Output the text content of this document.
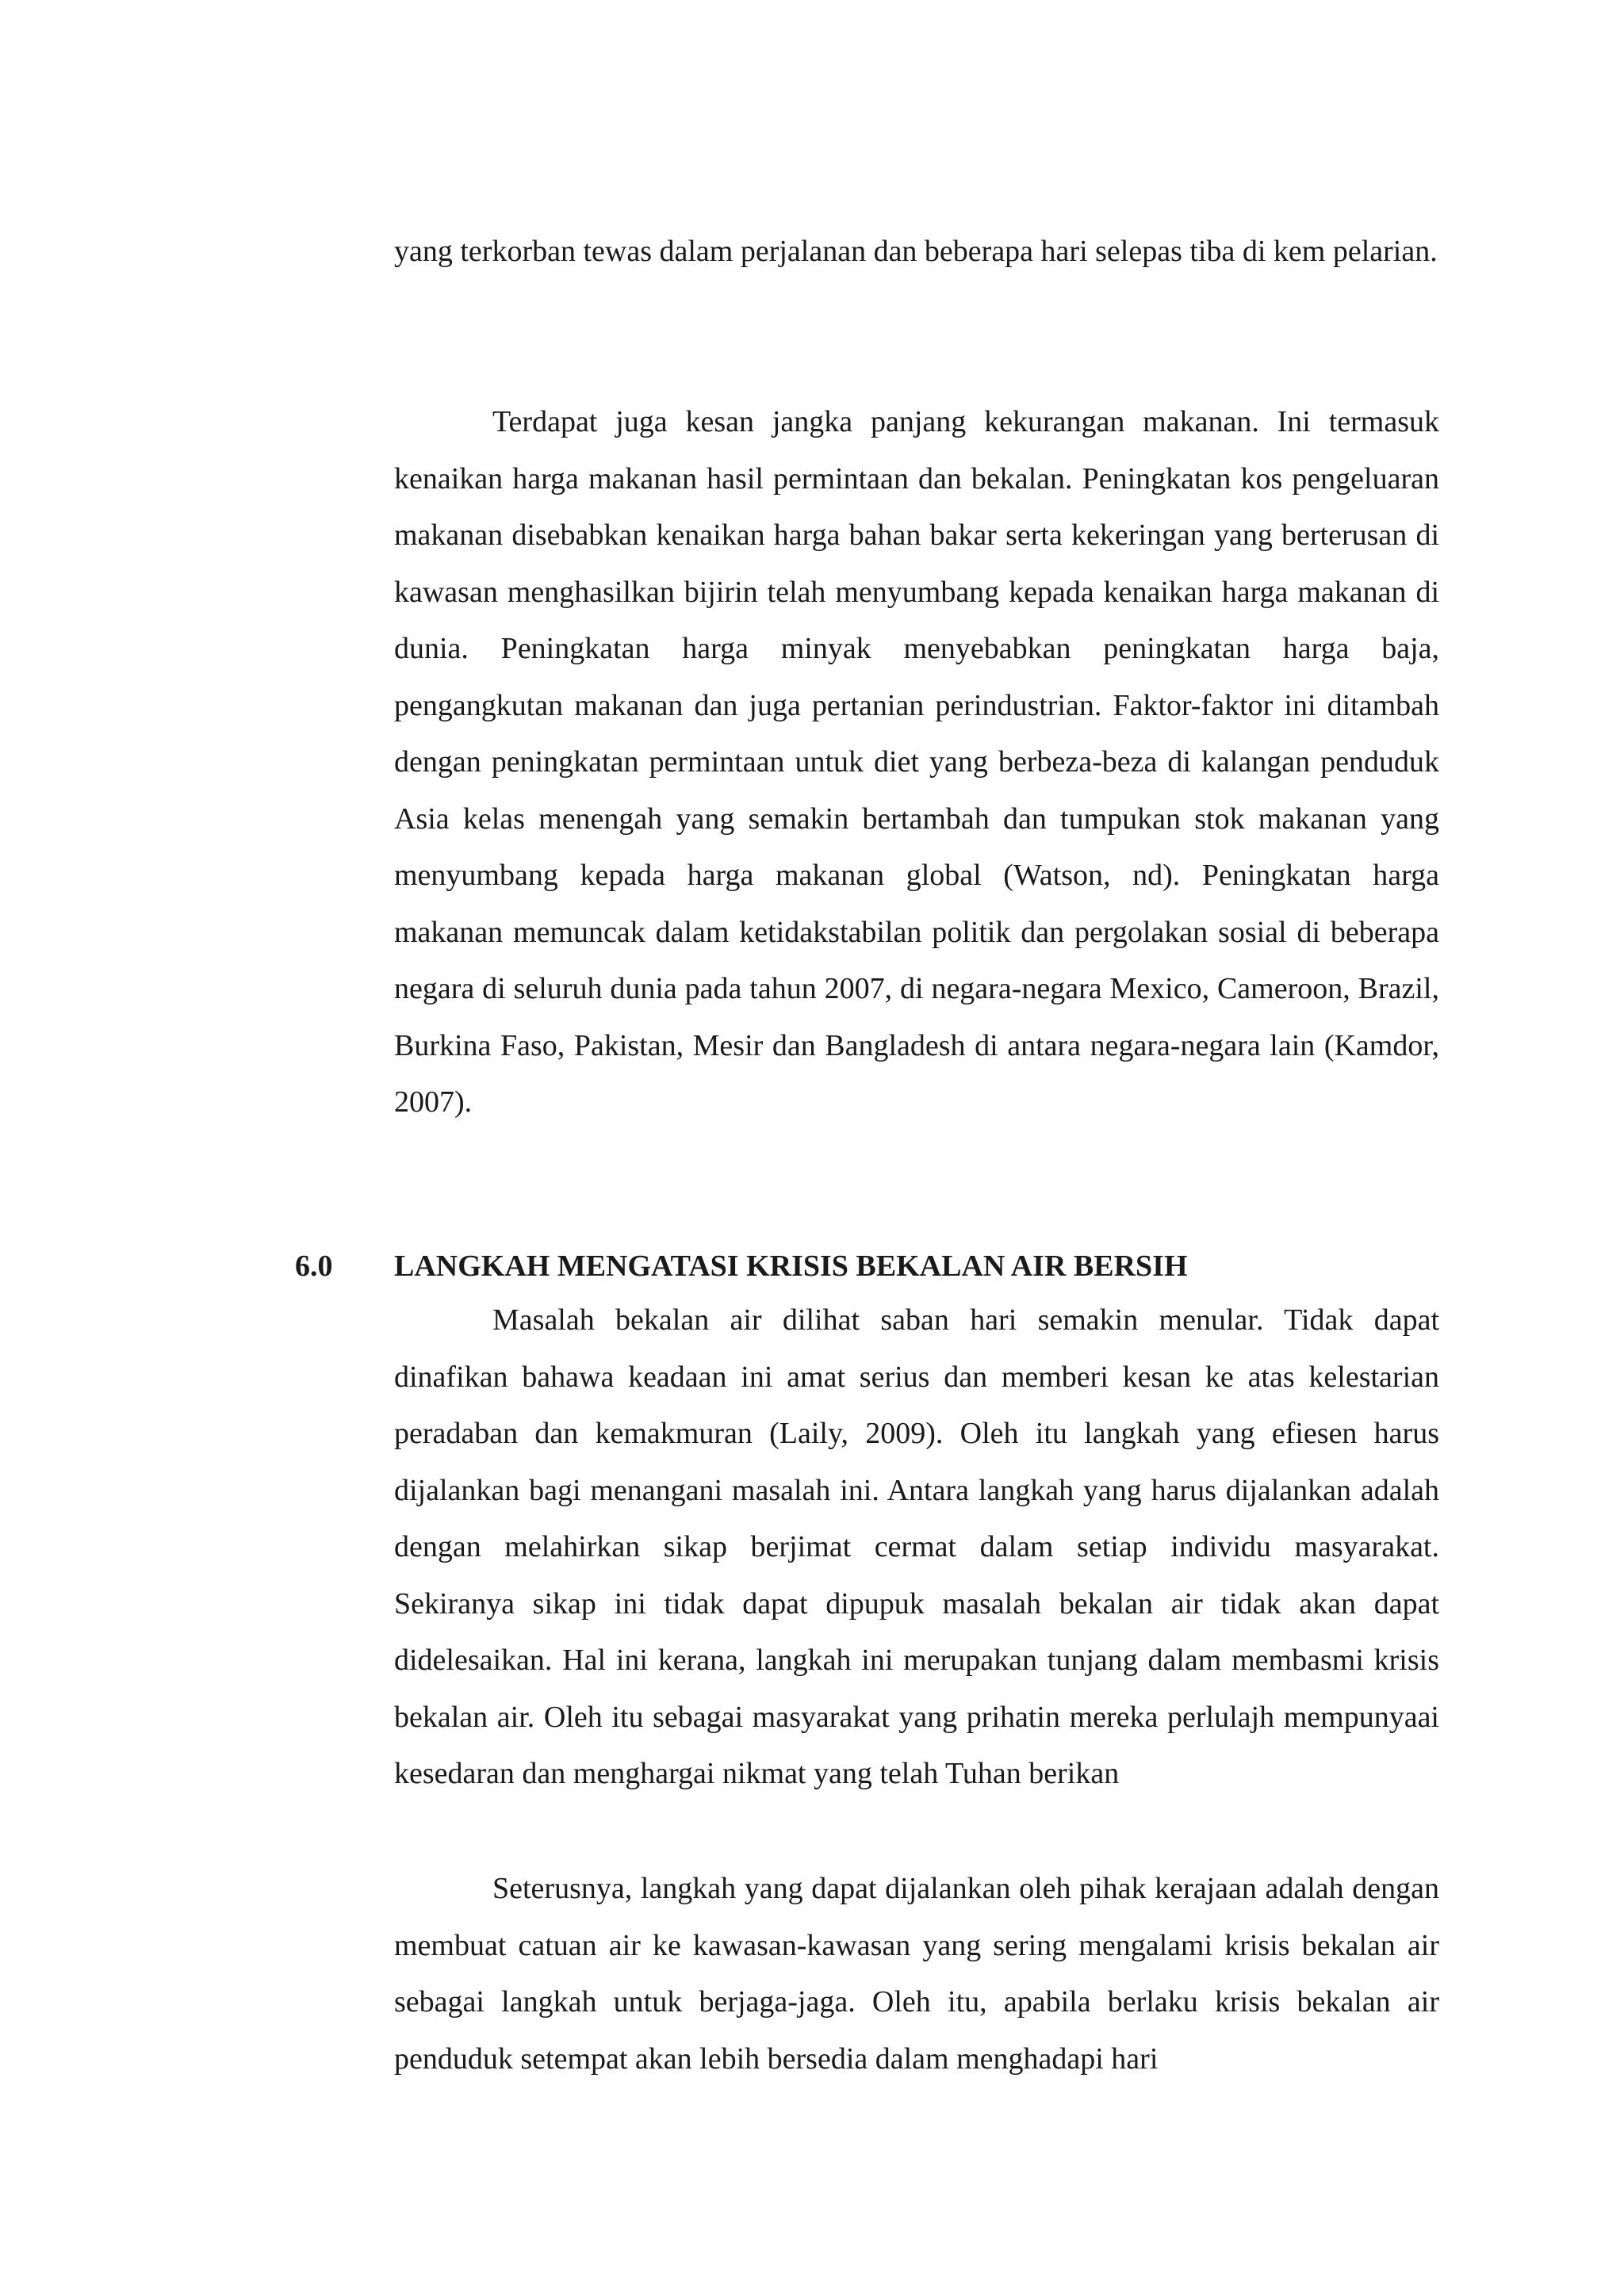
yang terkorban tewas dalam perjalanan dan beberapa hari selepas tiba di kem pelarian.

Terdapat juga kesan jangka panjang kekurangan makanan. Ini termasuk kenaikan harga makanan hasil permintaan dan bekalan. Peningkatan kos pengeluaran makanan disebabkan kenaikan harga bahan bakar serta kekeringan yang berterusan di kawasan menghasilkan bijirin telah menyumbang kepada kenaikan harga makanan di dunia. Peningkatan harga minyak menyebabkan peningkatan harga baja, pengangkutan makanan dan juga pertanian perindustrian. Faktor-faktor ini ditambah dengan peningkatan permintaan untuk diet yang berbeza-beza di kalangan penduduk Asia kelas menengah yang semakin bertambah dan tumpukan stok makanan yang menyumbang kepada harga makanan global (Watson, nd). Peningkatan harga makanan memuncak dalam ketidakstabilan politik dan pergolakan sosial di beberapa negara di seluruh dunia pada tahun 2007, di negara-negara Mexico, Cameroon, Brazil, Burkina Faso, Pakistan, Mesir dan Bangladesh di antara negara-negara lain (Kamdor, 2007).

6.0 LANGKAH MENGATASI KRISIS BEKALAN AIR BERSIH

Masalah bekalan air dilihat saban hari semakin menular. Tidak dapat dinafikan bahawa keadaan ini amat serius dan memberi kesan ke atas kelestarian peradaban dan kemakmuran (Laily, 2009). Oleh itu langkah yang efiesen harus dijalankan bagi menangani masalah ini. Antara langkah yang harus dijalankan adalah dengan melahirkan sikap berjimat cermat dalam setiap individu masyarakat. Sekiranya sikap ini tidak dapat dipupuk masalah bekalan air tidak akan dapat didelesaikan. Hal ini kerana, langkah ini merupakan tunjang dalam membasmi krisis bekalan air. Oleh itu sebagai masyarakat yang prihatin mereka perlulajh mempunyaai kesedaran dan menghargai nikmat yang telah Tuhan berikan

Seterusnya, langkah yang dapat dijalankan oleh pihak kerajaan adalah dengan membuat catuan air ke kawasan-kawasan yang sering mengalami krisis bekalan air sebagai langkah untuk berjaga-jaga. Oleh itu, apabila berlaku krisis bekalan air penduduk setempat akan lebih bersedia dalam menghadapi hari
